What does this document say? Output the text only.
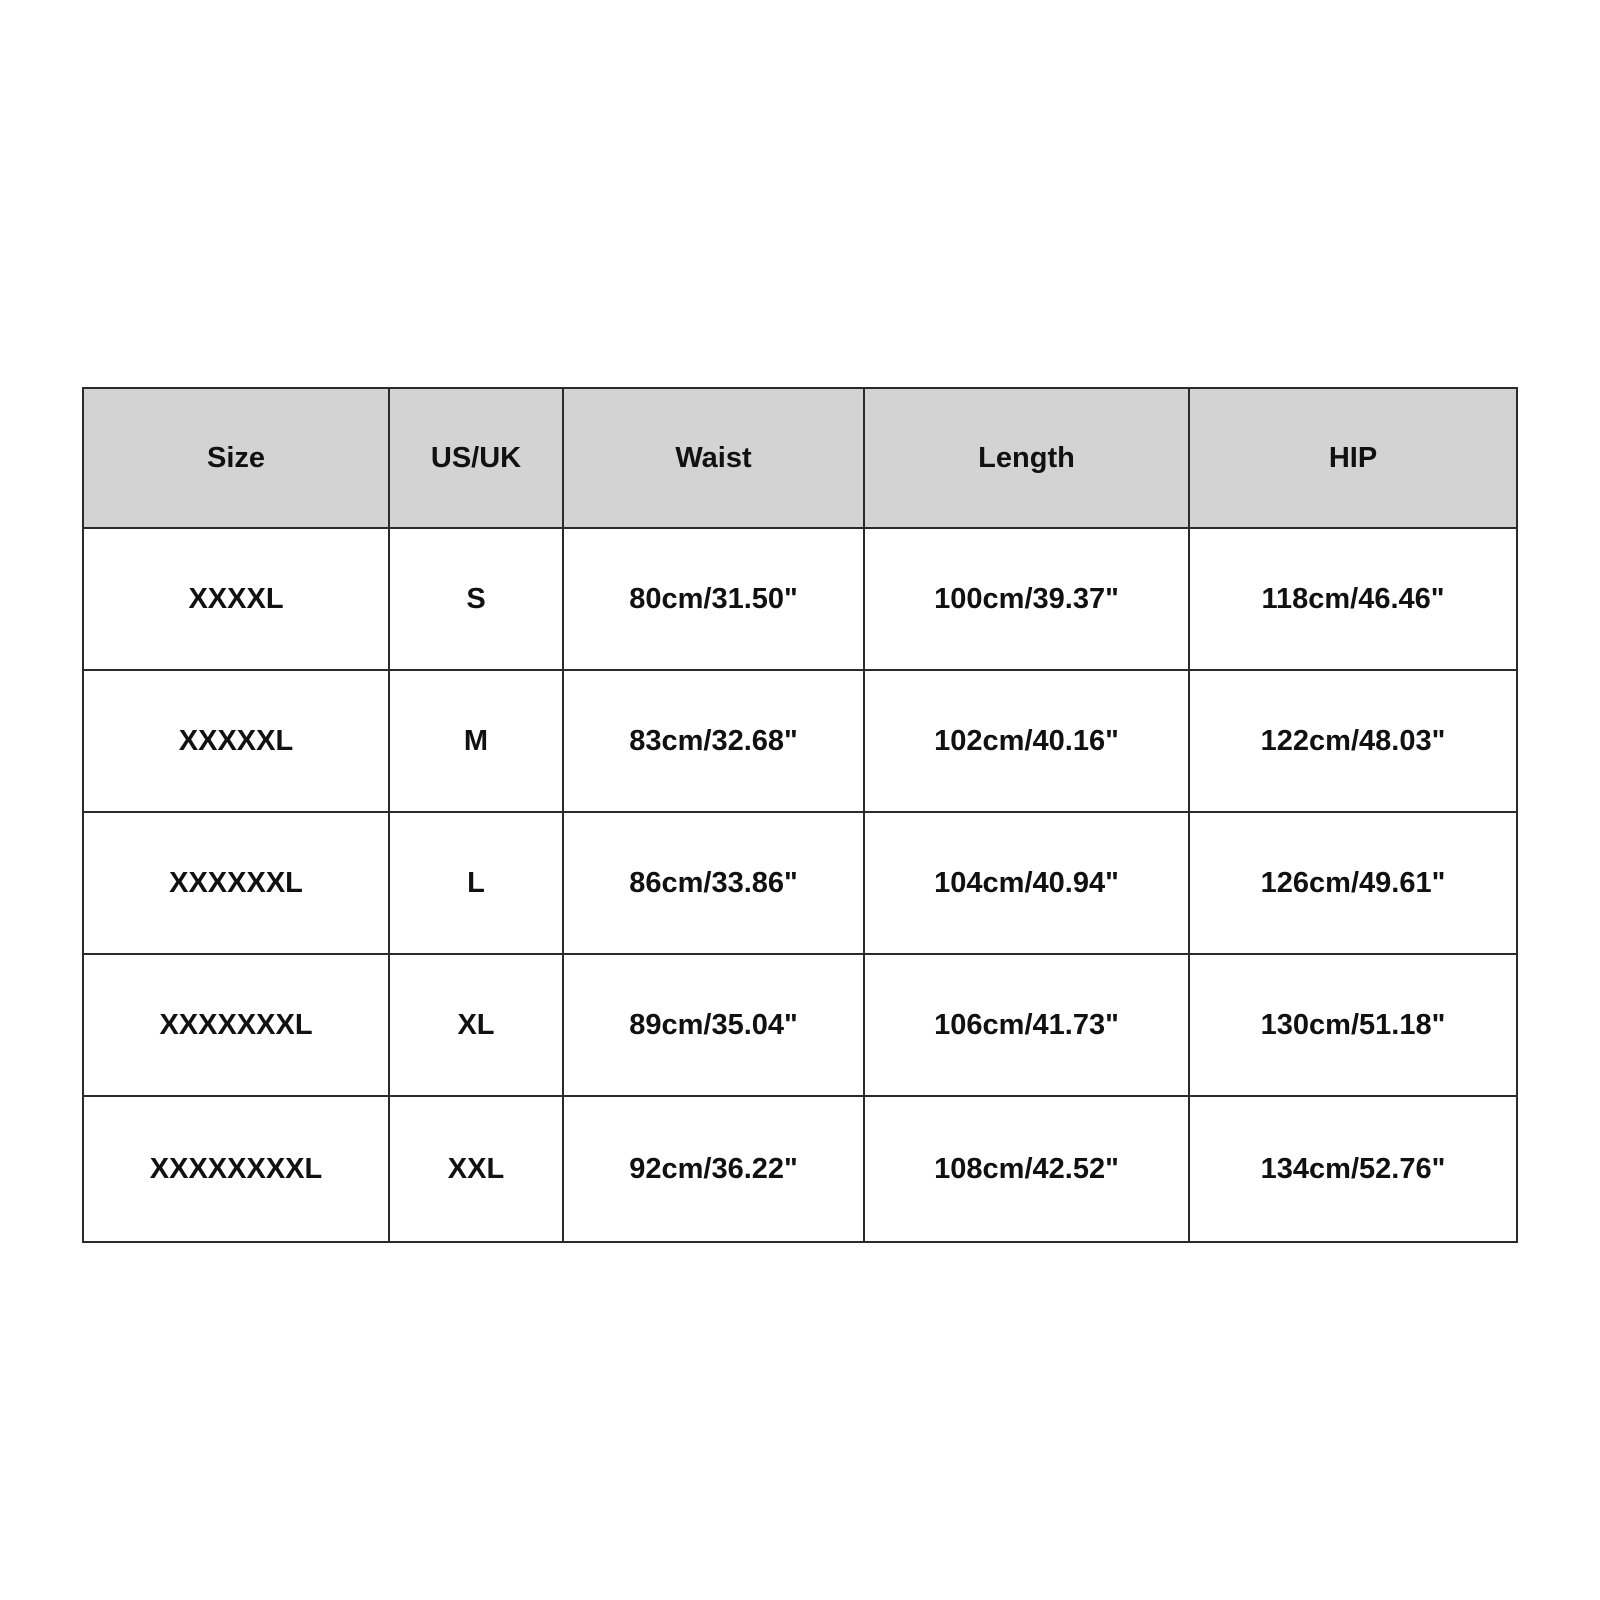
Size	US/UK	Waist	Length	HIP
XXXXL	S	80cm/31.50"	100cm/39.37"	118cm/46.46"
XXXXXL	M	83cm/32.68"	102cm/40.16"	122cm/48.03"
XXXXXXL	L	86cm/33.86"	104cm/40.94"	126cm/49.61"
XXXXXXXL	XL	89cm/35.04"	106cm/41.73"	130cm/51.18"
XXXXXXXXL	XXL	92cm/36.22"	108cm/42.52"	134cm/52.76"
